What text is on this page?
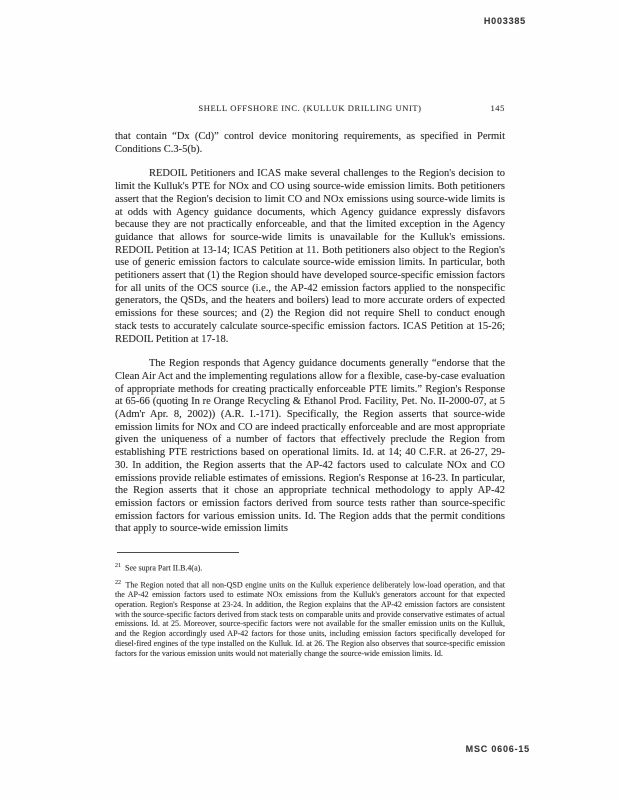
H003385
SHELL OFFSHORE INC. (KULLUK DRILLING UNIT)	145

that contain “Dx (Cd)” control device monitoring requirements, as specified in Permit Conditions C.3-5(b).

REDOIL Petitioners and ICAS make several challenges to the Region's decision to limit the Kulluk's PTE for NOx and CO using source-wide emission limits. Both petitioners assert that the Region's decision to limit CO and NOx emissions using source-wide limits is at odds with Agency guidance documents, which Agency guidance expressly disfavors because they are not practically enforceable, and that the limited exception in the Agency guidance that allows for source-wide limits is unavailable for the Kulluk's emissions. REDOIL Petition at 13-14; ICAS Petition at 11. Both petitioners also object to the Region's use of generic emission factors to calculate source-wide emission limits. In particular, both petitioners assert that (1) the Region should have developed source-specific emission factors for all units of the OCS source (i.e., the AP-42 emission factors applied to the nonspecific generators, the QSDs, and the heaters and boilers) lead to more accurate orders of expected emissions for these sources; and (2) the Region did not require Shell to conduct enough stack tests to accurately calculate source-specific emission factors. ICAS Petition at 15-26; REDOIL Petition at 17-18.

The Region responds that Agency guidance documents generally “endorse that the Clean Air Act and the implementing regulations allow for a flexible, case-by-case evaluation of appropriate methods for creating practically enforceable PTE limits.” Region's Response at 65-66 (quoting In re Orange Recycling & Ethanol Prod. Facility, Pet. No. II-2000-07, at 5 (Adm'r Apr. 8, 2002)) (A.R. I.-171). Specifically, the Region asserts that source-wide emission limits for NOx and CO are indeed practically enforceable and are most appropriate given the uniqueness of a number of factors that effectively preclude the Region from establishing PTE restrictions based on operational limits. Id. at 14; 40 C.F.R. at 26-27, 29-30. In addition, the Region asserts that the AP-42 factors used to calculate NOx and CO emissions provide reliable estimates of emissions. Region's Response at 16-23. In particular, the Region asserts that it chose an appropriate technical methodology to apply AP-42 emission factors or emission factors derived from source tests rather than source-specific emission factors for various emission units. Id. The Region adds that the permit conditions that apply to source-wide emission limits

$^{21}$ See supra Part II.B.4(a).

$^{22}$ The Region noted that all non-QSD engine units on the Kulluk experience deliberately low-load operation, and that the AP-42 emission factors used to estimate NOx emissions from the Kulluk's generators account for that expected operation. Region's Response at 23-24. In addition, the Region explains that the AP-42 emission factors are consistent with the source-specific factors derived from stack tests on comparable units and provide conservative estimates of actual emissions. Id. at 25. Moreover, source-specific factors were not available for the smaller emission units on the Kulluk, and the Region accordingly used AP-42 factors for those units, including emission factors specifically developed for diesel-fired engines of the type installed on the Kulluk. Id. at 26. The Region also observes that source-specific emission factors for the various emission units would not materially change the source-wide emission limits. Id.

MSC 0606-15
